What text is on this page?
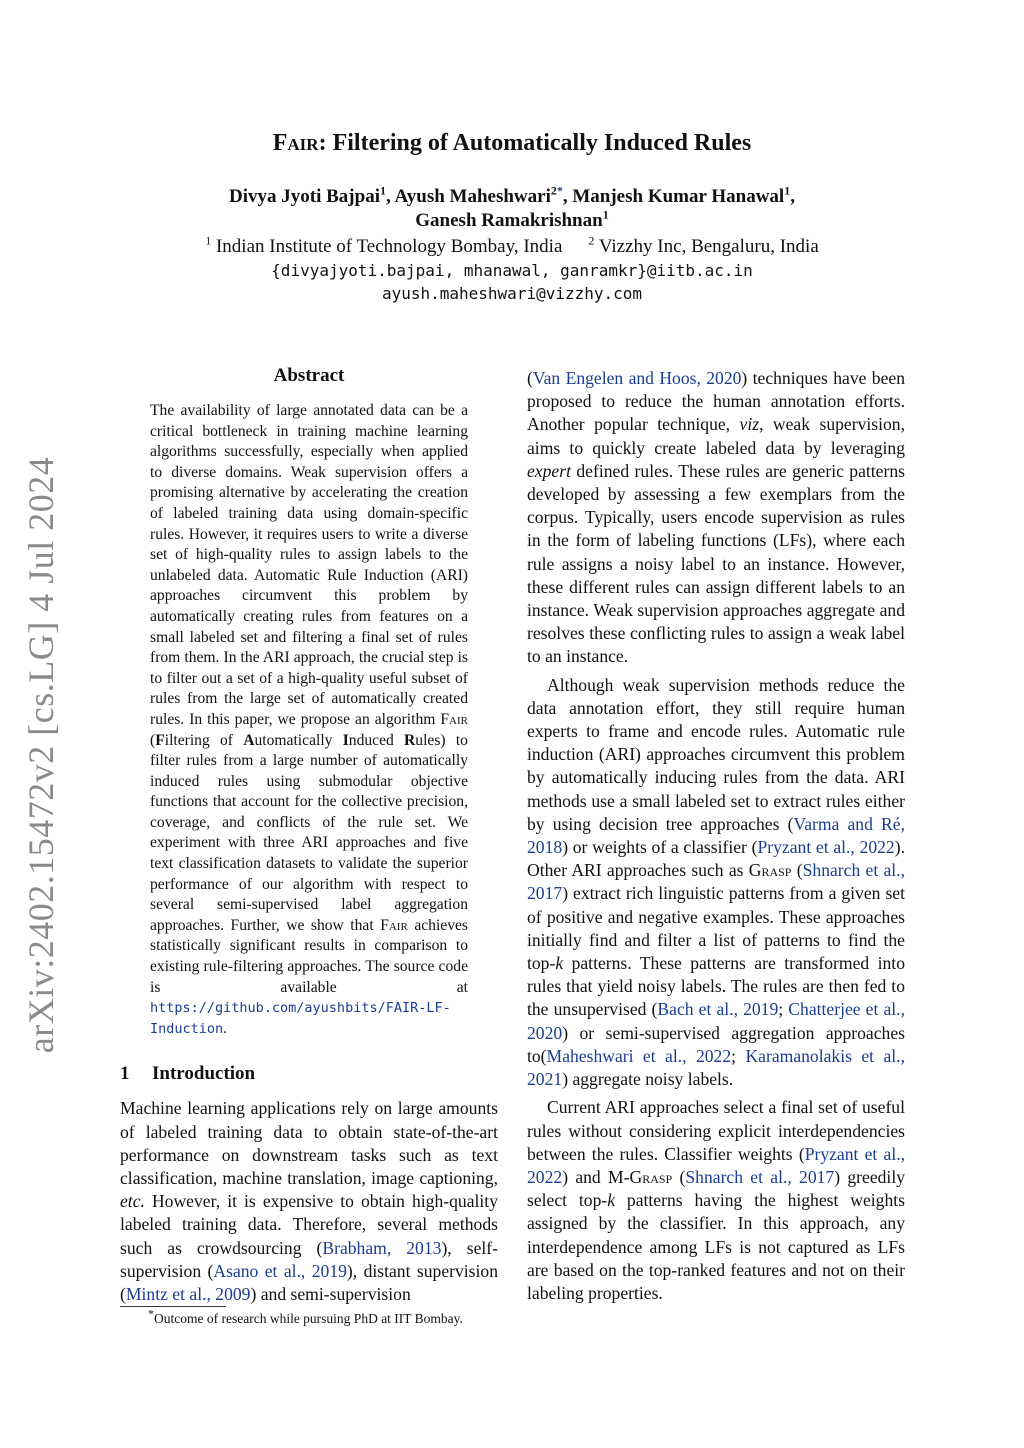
arXiv:2402.15472v2 [cs.LG] 4 Jul 2024
Fair: Filtering of Automatically Induced Rules
Divya Jyoti Bajpai$^1$, Ayush Maheshwari$^{2*}$, Manjesh Kumar Hanawal$^1$,
Ganesh Ramakrishnan$^1$
$^1$ Indian Institute of Technology Bombay, India $^2$ Vizzhy Inc, Bengaluru, India
{divyajyoti.bajpai, mhanawal, ganramkr}@iitb.ac.in
ayush.maheshwari@vizzhy.com
Abstract

The availability of large annotated data can be a critical bottleneck in training machine learning algorithms successfully, especially when applied to diverse domains. Weak supervision offers a promising alternative by accelerating the creation of labeled training data using domain-specific rules. However, it requires users to write a diverse set of high-quality rules to assign labels to the unlabeled data. Automatic Rule Induction (ARI) approaches circumvent this problem by automatically creating rules from features on a small labeled set and filtering a final set of rules from them. In the ARI approach, the crucial step is to filter out a set of a high-quality useful subset of rules from the large set of automatically created rules. In this paper, we propose an algorithm Fair (Filtering of Automatically Induced Rules) to filter rules from a large number of automatically induced rules using submodular objective functions that account for the collective precision, coverage, and conflicts of the rule set. We experiment with three ARI approaches and five text classification datasets to validate the superior performance of our algorithm with respect to several semi-supervised label aggregation approaches. Further, we show that Fair achieves statistically significant results in comparison to existing rule-filtering approaches. The source code is available at https://github.com/ayushbits/FAIR-LF-Induction.

1 Introduction

Machine learning applications rely on large amounts of labeled training data to obtain state-of-the-art performance on downstream tasks such as text classification, machine translation, image captioning, etc. However, it is expensive to obtain high-quality labeled training data. Therefore, several methods such as crowdsourcing (Brabham, 2013), self-supervision (Asano et al., 2019), distant supervision (Mintz et al., 2009) and semi-supervision

(Van Engelen and Hoos, 2020) techniques have been proposed to reduce the human annotation efforts. Another popular technique, viz, weak supervision, aims to quickly create labeled data by leveraging expert defined rules. These rules are generic patterns developed by assessing a few exemplars from the corpus. Typically, users encode supervision as rules in the form of labeling functions (LFs), where each rule assigns a noisy label to an instance. However, these different rules can assign different labels to an instance. Weak supervision approaches aggregate and resolves these conflicting rules to assign a weak label to an instance.

Although weak supervision methods reduce the data annotation effort, they still require human experts to frame and encode rules. Automatic rule induction (ARI) approaches circumvent this problem by automatically inducing rules from the data. ARI methods use a small labeled set to extract rules either by using decision tree approaches (Varma and Ré, 2018) or weights of a classifier (Pryzant et al., 2022). Other ARI approaches such as Grasp (Shnarch et al., 2017) extract rich linguistic patterns from a given set of positive and negative examples. These approaches initially find and filter a list of patterns to find the top-k patterns. These patterns are transformed into rules that yield noisy labels. The rules are then fed to the unsupervised (Bach et al., 2019; Chatterjee et al., 2020) or semi-supervised aggregation approaches to(Maheshwari et al., 2022; Karamanolakis et al., 2021) aggregate noisy labels.

Current ARI approaches select a final set of useful rules without considering explicit interdependencies between the rules. Classifier weights (Pryzant et al., 2022) and M-Grasp (Shnarch et al., 2017) greedily select top-k patterns having the highest weights assigned by the classifier. In this approach, any interdependence among LFs is not captured as LFs are based on the top-ranked features and not on their labeling properties.

*Outcome of research while pursuing PhD at IIT Bombay.
